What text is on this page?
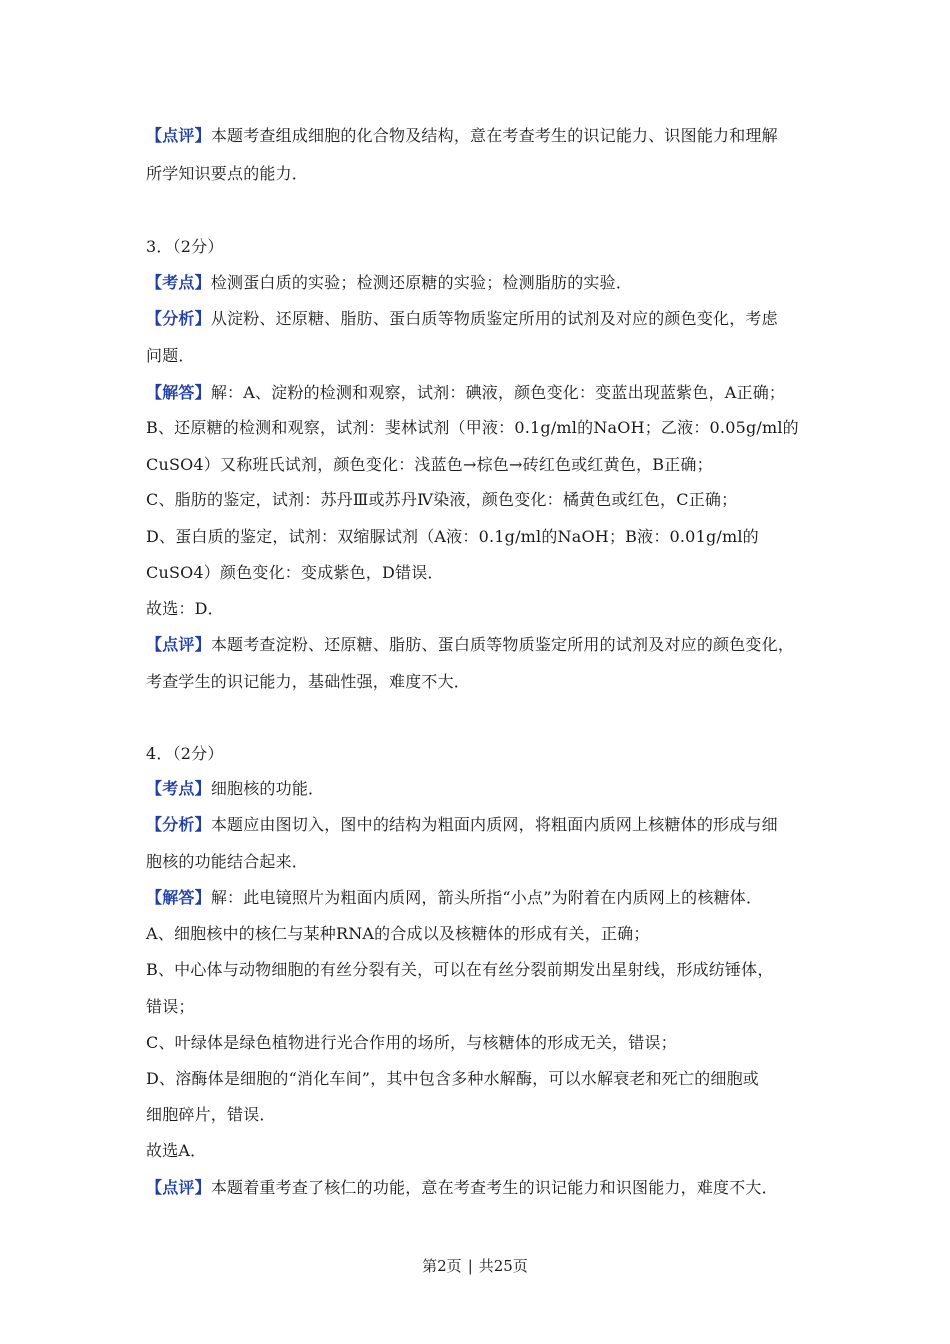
【点评】本题考查组成细胞的化合物及结构，意在考查考生的识记能力、识图能力和理解
所学知识要点的能力．
3．（2分）
【考点】检测蛋白质的实验；检测还原糖的实验；检测脂肪的实验．
【分析】从淀粉、还原糖、脂肪、蛋白质等物质鉴定所用的试剂及对应的颜色变化，考虑
问题．
【解答】解：A、淀粉的检测和观察，试剂：碘液，颜色变化：变蓝出现蓝紫色，A正确；
B、还原糖的检测和观察，试剂：斐林试剂（甲液：0.1g/ml的NaOH；乙液：0.05g/ml的
CuSO4）又称班氏试剂，颜色变化：浅蓝色→棕色→砖红色或红黄色，B正确；
C、脂肪的鉴定，试剂：苏丹Ⅲ或苏丹Ⅳ染液，颜色变化：橘黄色或红色，C正确；
D、蛋白质的鉴定，试剂：双缩脲试剂（A液：0.1g/ml的NaOH；B液：0.01g/ml的
CuSO4）颜色变化：变成紫色，D错误．
故选：D．
【点评】本题考查淀粉、还原糖、脂肪、蛋白质等物质鉴定所用的试剂及对应的颜色变化，
考查学生的识记能力，基础性强，难度不大．
4．（2分）
【考点】细胞核的功能．
【分析】本题应由图切入，图中的结构为粗面内质网，将粗面内质网上核糖体的形成与细
胞核的功能结合起来．
【解答】解：此电镜照片为粗面内质网，箭头所指“小点”为附着在内质网上的核糖体．
A、细胞核中的核仁与某种RNA的合成以及核糖体的形成有关，正确；
B、中心体与动物细胞的有丝分裂有关，可以在有丝分裂前期发出星射线，形成纺锤体，
错误；
C、叶绿体是绿色植物进行光合作用的场所，与核糖体的形成无关，错误；
D、溶酶体是细胞的“消化车间”，其中包含多种水解酶，可以水解衰老和死亡的细胞或
细胞碎片，错误．
故选A．
【点评】本题着重考查了核仁的功能，意在考查考生的识记能力和识图能力，难度不大．
第2页 | 共25页
